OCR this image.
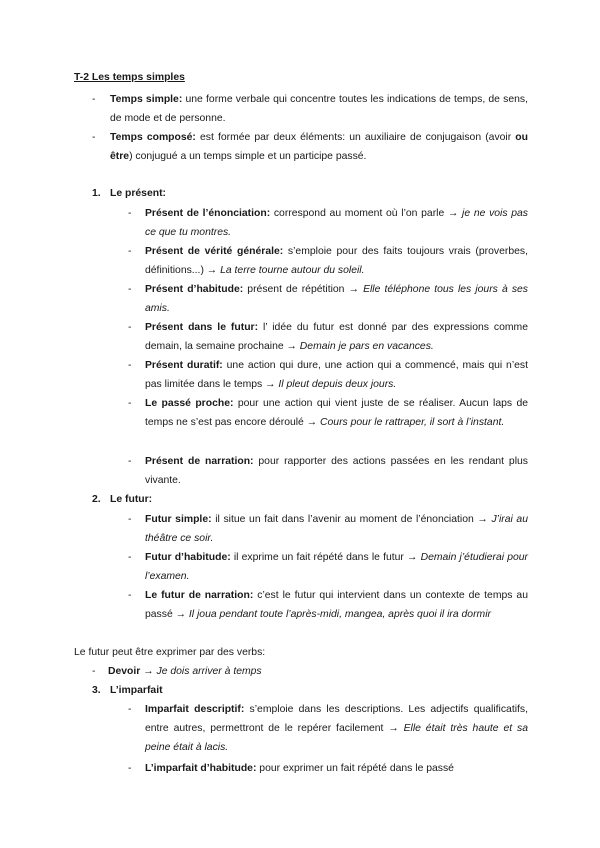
T-2 Les temps simples
-	Temps simple: une forme verbale qui concentre toutes les indications de temps, de sens, de mode et de personne.
-	Temps composé: est formée par deux éléments: un auxiliaire de conjugaison (avoir ou être) conjugué a un temps simple et un participe passé.
1. Le présent:
-	Présent de l’énonciation: correspond au moment où l’on parle → je ne vois pas ce que tu montres.
-	Présent de vérité générale: s’emploie pour des faits toujours vrais (proverbes, définitions...) → La terre tourne autour du soleil.
-	Présent d’habitude: présent de répétition → Elle téléphone tous les jours à ses amis.
-	Présent dans le futur: l’ idée du futur est donné par des expressions comme demain, la semaine prochaine → Demain je pars en vacances.
-	Présent duratif: une action qui dure, une action qui a commencé, mais qui n’est pas limitée dans le temps → Il pleut depuis deux jours.
-	Le passé proche: pour une action qui vient juste de se réaliser. Aucun laps de temps ne s’est pas encore déroulé → Cours pour le rattraper, il sort à l’instant.
-	Présent de narration: pour rapporter des actions passées en les rendant plus vivante.
2. Le futur:
-	Futur simple: il situe un fait dans l’avenir au moment de l’énonciation → J’irai au théâtre ce soir.
-	Futur d’habitude: il exprime un fait répété dans le futur → Demain j’étudierai pour l’examen.
-	Le futur de narration: c’est le futur qui intervient dans un contexte de temps au passé → Il joua pendant toute l’après-midi, mangea, après quoi il ira dormir
Le futur peut être exprimer par des verbs:
-	Devoir → Je dois arriver à temps
3. L’imparfait
-	Imparfait descriptif: s’emploie dans les descriptions. Les adjectifs qualificatifs, entre autres, permettront de le repérer facilement → Elle était très haute et sa peine était à lacis.
-	L’imparfait d’habitude: pour exprimer un fait répété dans le passé
